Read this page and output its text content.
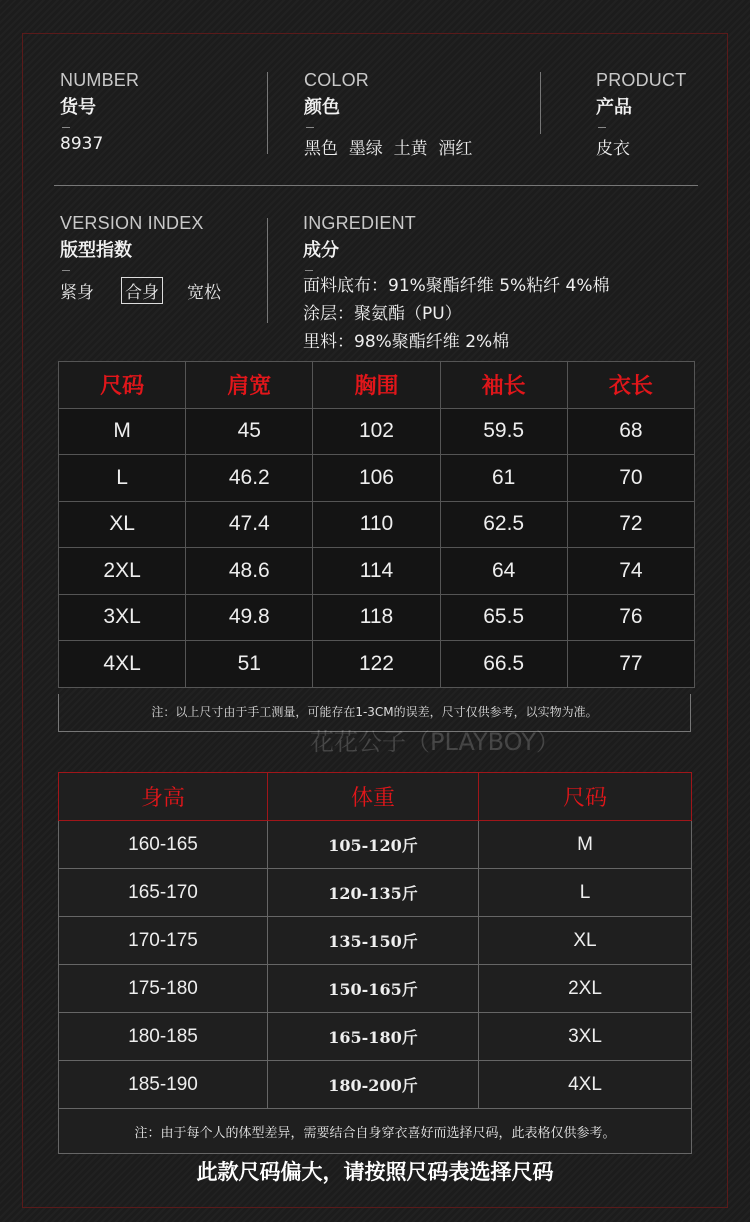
NUMBER
货号
8937
COLOR
颜色
黑色  墨绿  土黄  酒红
PRODUCT
产品
皮衣
VERSION INDEX
版型指数
紧身 合身 宽松
INGREDIENT
成分
面料底布：91%聚酯纤维 5%粘纤 4%棉
涂层：聚氨酯（PU）
里料：98%聚酯纤维 2%棉
尺码	肩宽	胸围	袖长	衣长
M	45	102	59.5	68
L	46.2	106	61	70
XL	47.4	110	62.5	72
2XL	48.6	114	64	74
3XL	49.8	118	65.5	76
4XL	51	122	66.5	77
注：以上尺寸由于手工测量，可能存在1-3CM的误差，尺寸仅供参考，以实物为准。
花花公子（PLAYBOY）
身高	体重	尺码
160-165	105-120斤	M
165-170	120-135斤	L
170-175	135-150斤	XL
175-180	150-165斤	2XL
180-185	165-180斤	3XL
185-190	180-200斤	4XL
注：由于每个人的体型差异，需要结合自身穿衣喜好而选择尺码，此表格仅供参考。		
此款尺码偏大，请按照尺码表选择尺码
